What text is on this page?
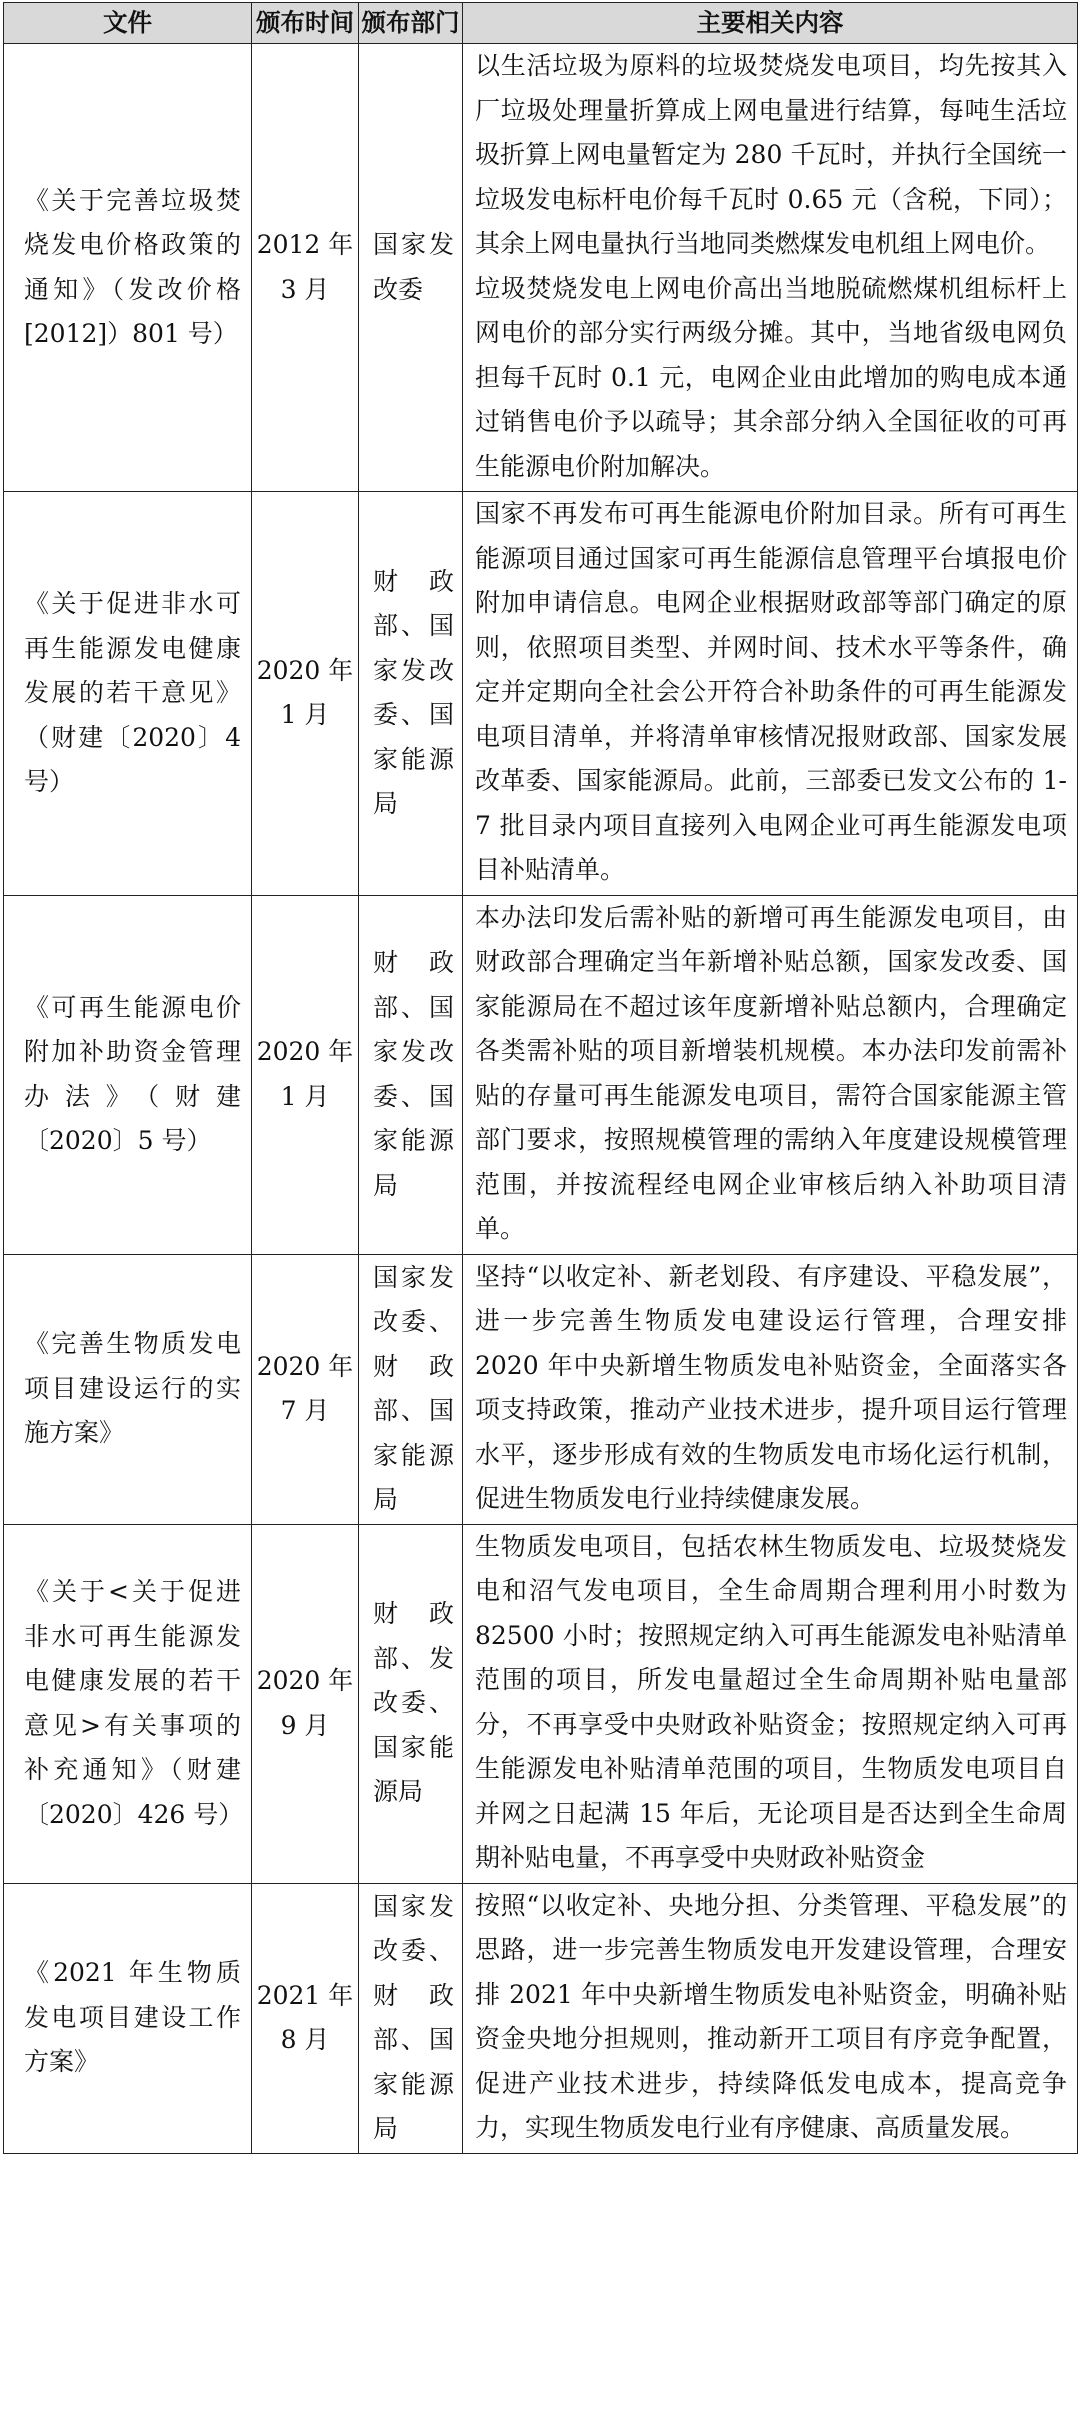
文件	颁布时间	颁布部门	主要相关内容
《关于完善垃圾焚烧发电价格政策的通知》（发改价格[2012]）801 号）	2012 年 3 月	国家发改委	以生活垃圾为原料的垃圾焚烧发电项目，均先按其入厂垃圾处理量折算成上网电量进行结算，每吨生活垃圾折算上网电量暂定为 280 千瓦时，并执行全国统一垃圾发电标杆电价每千瓦时 0.65 元（含税，下同）；其余上网电量执行当地同类燃煤发电机组上网电价。
垃圾焚烧发电上网电价高出当地脱硫燃煤机组标杆上网电价的部分实行两级分摊。其中，当地省级电网负担每千瓦时 0.1 元，电网企业由此增加的购电成本通过销售电价予以疏导；其余部分纳入全国征收的可再生能源电价附加解决。

《关于促进非水可再生能源发电健康发展的若干意见》（财建〔2020〕4 号）	2020 年 1 月	财政部、国家发改委、国家能源局	国家不再发布可再生能源电价附加目录。所有可再生能源项目通过国家可再生能源信息管理平台填报电价附加申请信息。电网企业根据财政部等部门确定的原则，依照项目类型、并网时间、技术水平等条件，确定并定期向全社会公开符合补助条件的可再生能源发电项目清单，并将清单审核情况报财政部、国家发展改革委、国家能源局。此前，三部委已发文公布的 1-7 批目录内项目直接列入电网企业可再生能源发电项目补贴清单。

《可再生能源电价附加补助资金管理办法》（财建〔2020〕5 号）	2020 年 1 月	财政部、国家发改委、国家能源局	本办法印发后需补贴的新增可再生能源发电项目，由财政部合理确定当年新增补贴总额，国家发改委、国家能源局在不超过该年度新增补贴总额内，合理确定各类需补贴的项目新增装机规模。本办法印发前需补贴的存量可再生能源发电项目，需符合国家能源主管部门要求，按照规模管理的需纳入年度建设规模管理范围，并按流程经电网企业审核后纳入补助项目清单。

《完善生物质发电项目建设运行的实施方案》	2020 年 7 月	国家发改委、财政部、国家能源局	坚持“以收定补、新老划段、有序建设、平稳发展”，进一步完善生物质发电建设运行管理，合理安排 2020 年中央新增生物质发电补贴资金，全面落实各项支持政策，推动产业技术进步，提升项目运行管理水平，逐步形成有效的生物质发电市场化运行机制，促进生物质发电行业持续健康发展。

《关于<关于促进非水可再生能源发电健康发展的若干意见>有关事项的补充通知》（财建〔2020〕426 号）	2020 年 9 月	财政部、发改委、国家能源局	生物质发电项目，包括农林生物质发电、垃圾焚烧发电和沼气发电项目，全生命周期合理利用小时数为 82500 小时；按照规定纳入可再生能源发电补贴清单范围的项目，所发电量超过全生命周期补贴电量部分，不再享受中央财政补贴资金；按照规定纳入可再生能源发电补贴清单范围的项目，生物质发电项目自并网之日起满 15 年后，无论项目是否达到全生命周期补贴电量，不再享受中央财政补贴资金

《2021 年生物质发电项目建设工作方案》	2021 年 8 月	国家发改委、财政部、国家能源局	按照“以收定补、央地分担、分类管理、平稳发展”的思路，进一步完善生物质发电开发建设管理，合理安排 2021 年中央新增生物质发电补贴资金，明确补贴资金央地分担规则，推动新开工项目有序竞争配置，促进产业技术进步，持续降低发电成本，提高竞争力，实现生物质发电行业有序健康、高质量发展。
